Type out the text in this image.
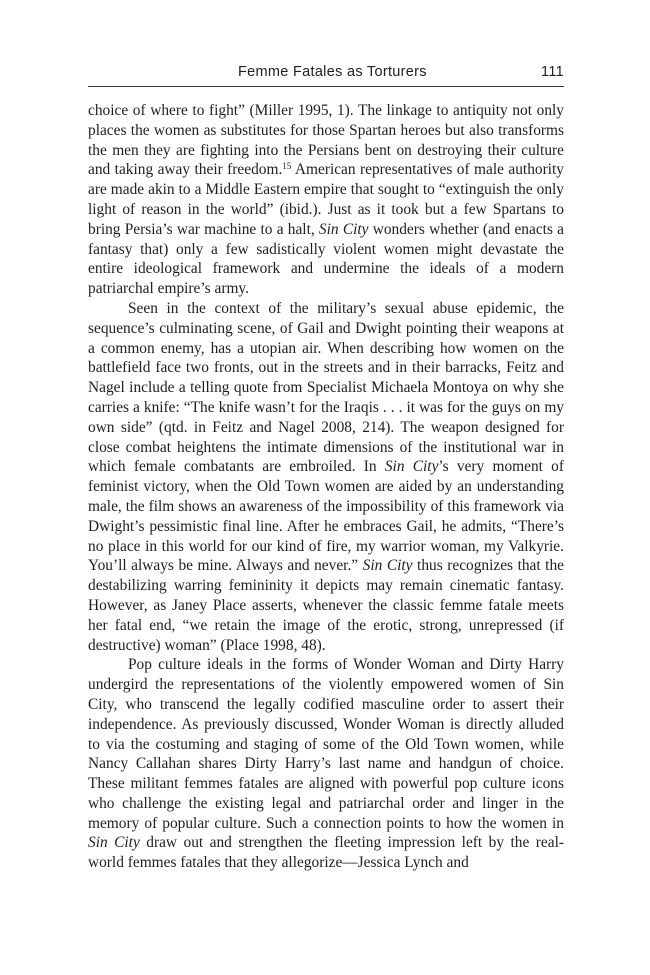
Femme Fatales as Torturers	111

choice of where to fight” (Miller 1995, 1). The linkage to antiquity not only places the women as substitutes for those Spartan heroes but also transforms the men they are fighting into the Persians bent on destroying their culture and taking away their freedom.$^{15}$ American representatives of male authority are made akin to a Middle Eastern empire that sought to “extinguish the only light of reason in the world” (ibid.). Just as it took but a few Spartans to bring Persia’s war machine to a halt, Sin City wonders whether (and enacts a fantasy that) only a few sadistically violent women might devastate the entire ideological framework and undermine the ideals of a modern patriarchal empire’s army.

Seen in the context of the military’s sexual abuse epidemic, the sequence’s culminating scene, of Gail and Dwight pointing their weapons at a common enemy, has a utopian air. When describing how women on the battlefield face two fronts, out in the streets and in their barracks, Feitz and Nagel include a telling quote from Specialist Michaela Montoya on why she carries a knife: “The knife wasn’t for the Iraqis . . . it was for the guys on my own side” (qtd. in Feitz and Nagel 2008, 214). The weapon designed for close combat heightens the intimate dimensions of the institutional war in which female combatants are embroiled. In Sin City’s very moment of feminist victory, when the Old Town women are aided by an understanding male, the film shows an awareness of the impossibility of this framework via Dwight’s pessimistic final line. After he embraces Gail, he admits, “There’s no place in this world for our kind of fire, my warrior woman, my Valkyrie. You’ll always be mine. Always and never.” Sin City thus recognizes that the destabilizing warring femininity it depicts may remain cinematic fantasy. However, as Janey Place asserts, whenever the classic femme fatale meets her fatal end, “we retain the image of the erotic, strong, unrepressed (if destructive) woman” (Place 1998, 48).

Pop culture ideals in the forms of Wonder Woman and Dirty Harry undergird the representations of the violently empowered women of Sin City, who transcend the legally codified masculine order to assert their independence. As previously discussed, Wonder Woman is directly alluded to via the costuming and staging of some of the Old Town women, while Nancy Callahan shares Dirty Harry’s last name and handgun of choice. These militant femmes fatales are aligned with powerful pop culture icons who challenge the existing legal and patriarchal order and linger in the memory of popular culture. Such a connection points to how the women in Sin City draw out and strengthen the fleeting impression left by the real-world femmes fatales that they allegorize—Jessica Lynch and
